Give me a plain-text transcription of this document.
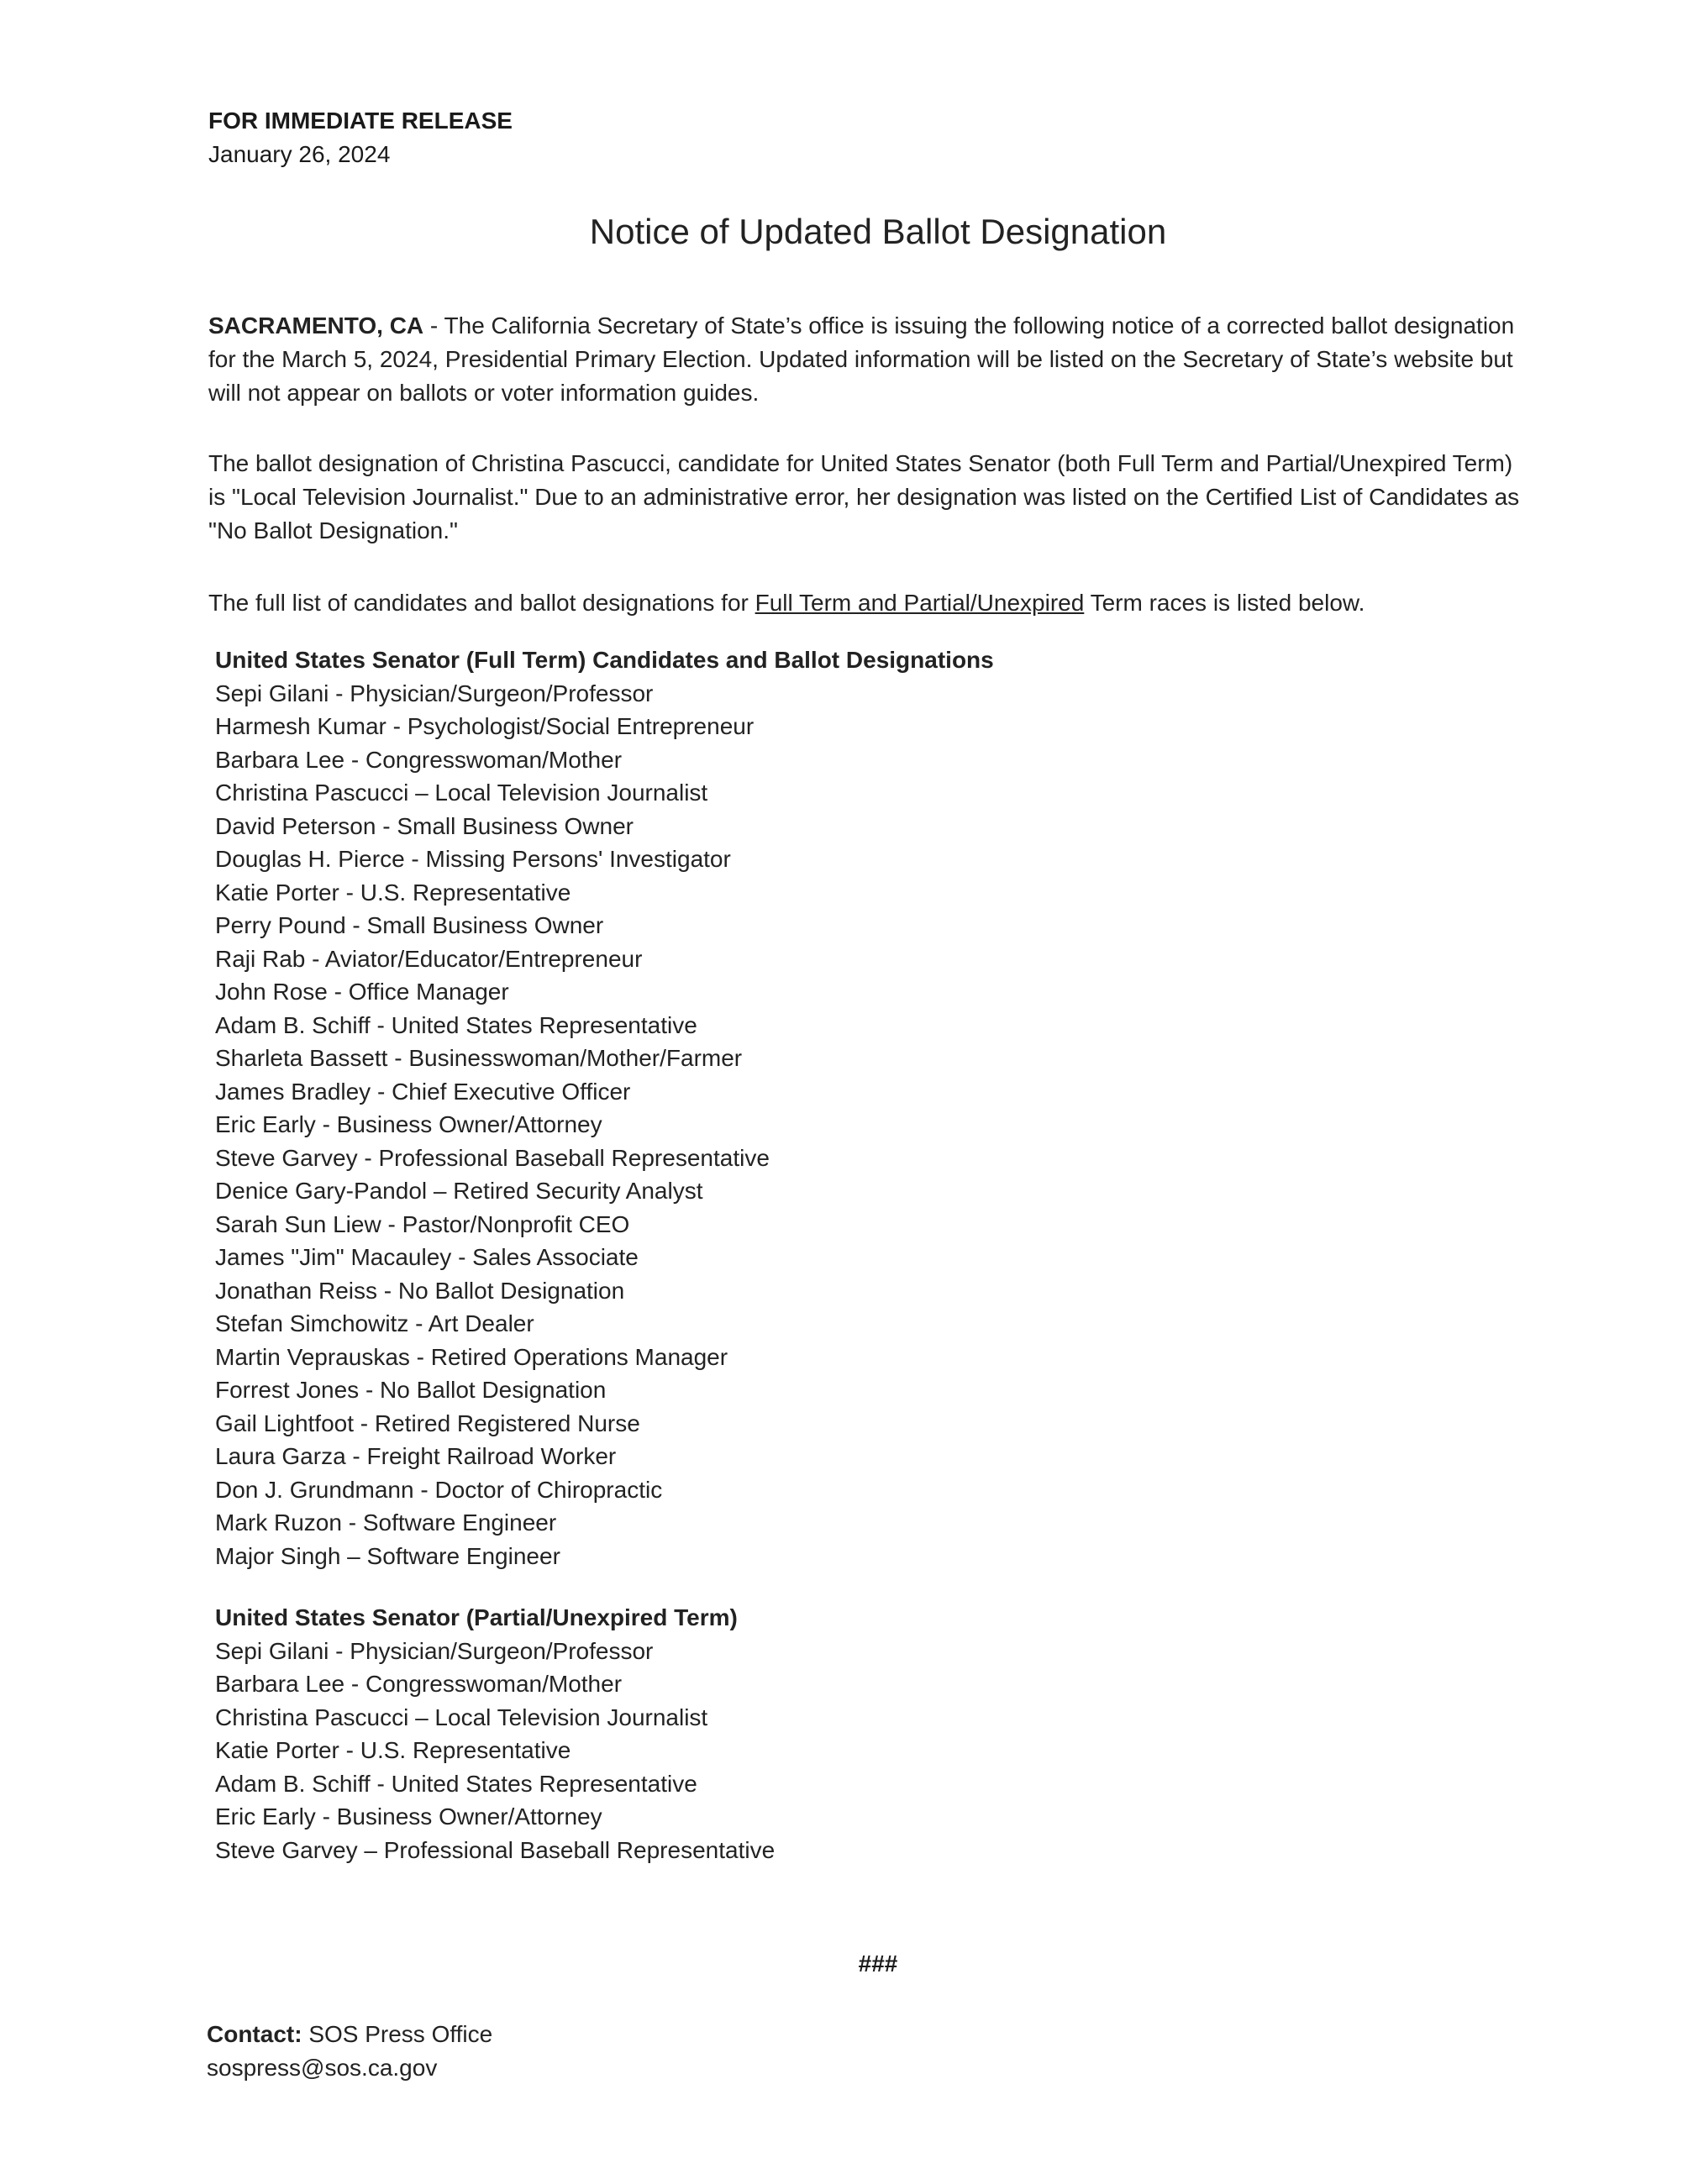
FOR IMMEDIATE RELEASE
January 26, 2024
Notice of Updated Ballot Designation
SACRAMENTO, CA - The California Secretary of State’s office is issuing the following notice of a corrected ballot designation for the March 5, 2024, Presidential Primary Election. Updated information will be listed on the Secretary of State’s website but will not appear on ballots or voter information guides.
The ballot designation of Christina Pascucci, candidate for United States Senator (both Full Term and Partial/Unexpired Term) is "Local Television Journalist." Due to an administrative error, her designation was listed on the Certified List of Candidates as "No Ballot Designation."
The full list of candidates and ballot designations for Full Term and Partial/Unexpired Term races is listed below.
United States Senator (Full Term) Candidates and Ballot Designations
Sepi Gilani - Physician/Surgeon/Professor
Harmesh Kumar - Psychologist/Social Entrepreneur
Barbara Lee - Congresswoman/Mother
Christina Pascucci – Local Television Journalist
David Peterson - Small Business Owner
Douglas H. Pierce - Missing Persons' Investigator
Katie Porter - U.S. Representative
Perry Pound - Small Business Owner
Raji Rab - Aviator/Educator/Entrepreneur
John Rose - Office Manager
Adam B. Schiff - United States Representative
Sharleta Bassett - Businesswoman/Mother/Farmer
James Bradley - Chief Executive Officer
Eric Early - Business Owner/Attorney
Steve Garvey - Professional Baseball Representative
Denice Gary-Pandol – Retired Security Analyst
Sarah Sun Liew - Pastor/Nonprofit CEO
James "Jim" Macauley - Sales Associate
Jonathan Reiss - No Ballot Designation
Stefan Simchowitz - Art Dealer
Martin Veprauskas - Retired Operations Manager
Forrest Jones - No Ballot Designation
Gail Lightfoot - Retired Registered Nurse
Laura Garza - Freight Railroad Worker
Don J. Grundmann - Doctor of Chiropractic
Mark Ruzon - Software Engineer
Major Singh – Software Engineer
United States Senator (Partial/Unexpired Term)
Sepi Gilani - Physician/Surgeon/Professor
Barbara Lee - Congresswoman/Mother
Christina Pascucci – Local Television Journalist
Katie Porter - U.S. Representative
Adam B. Schiff - United States Representative
Eric Early - Business Owner/Attorney
Steve Garvey – Professional Baseball Representative
###
Contact: SOS Press Office
sospress@sos.ca.gov
